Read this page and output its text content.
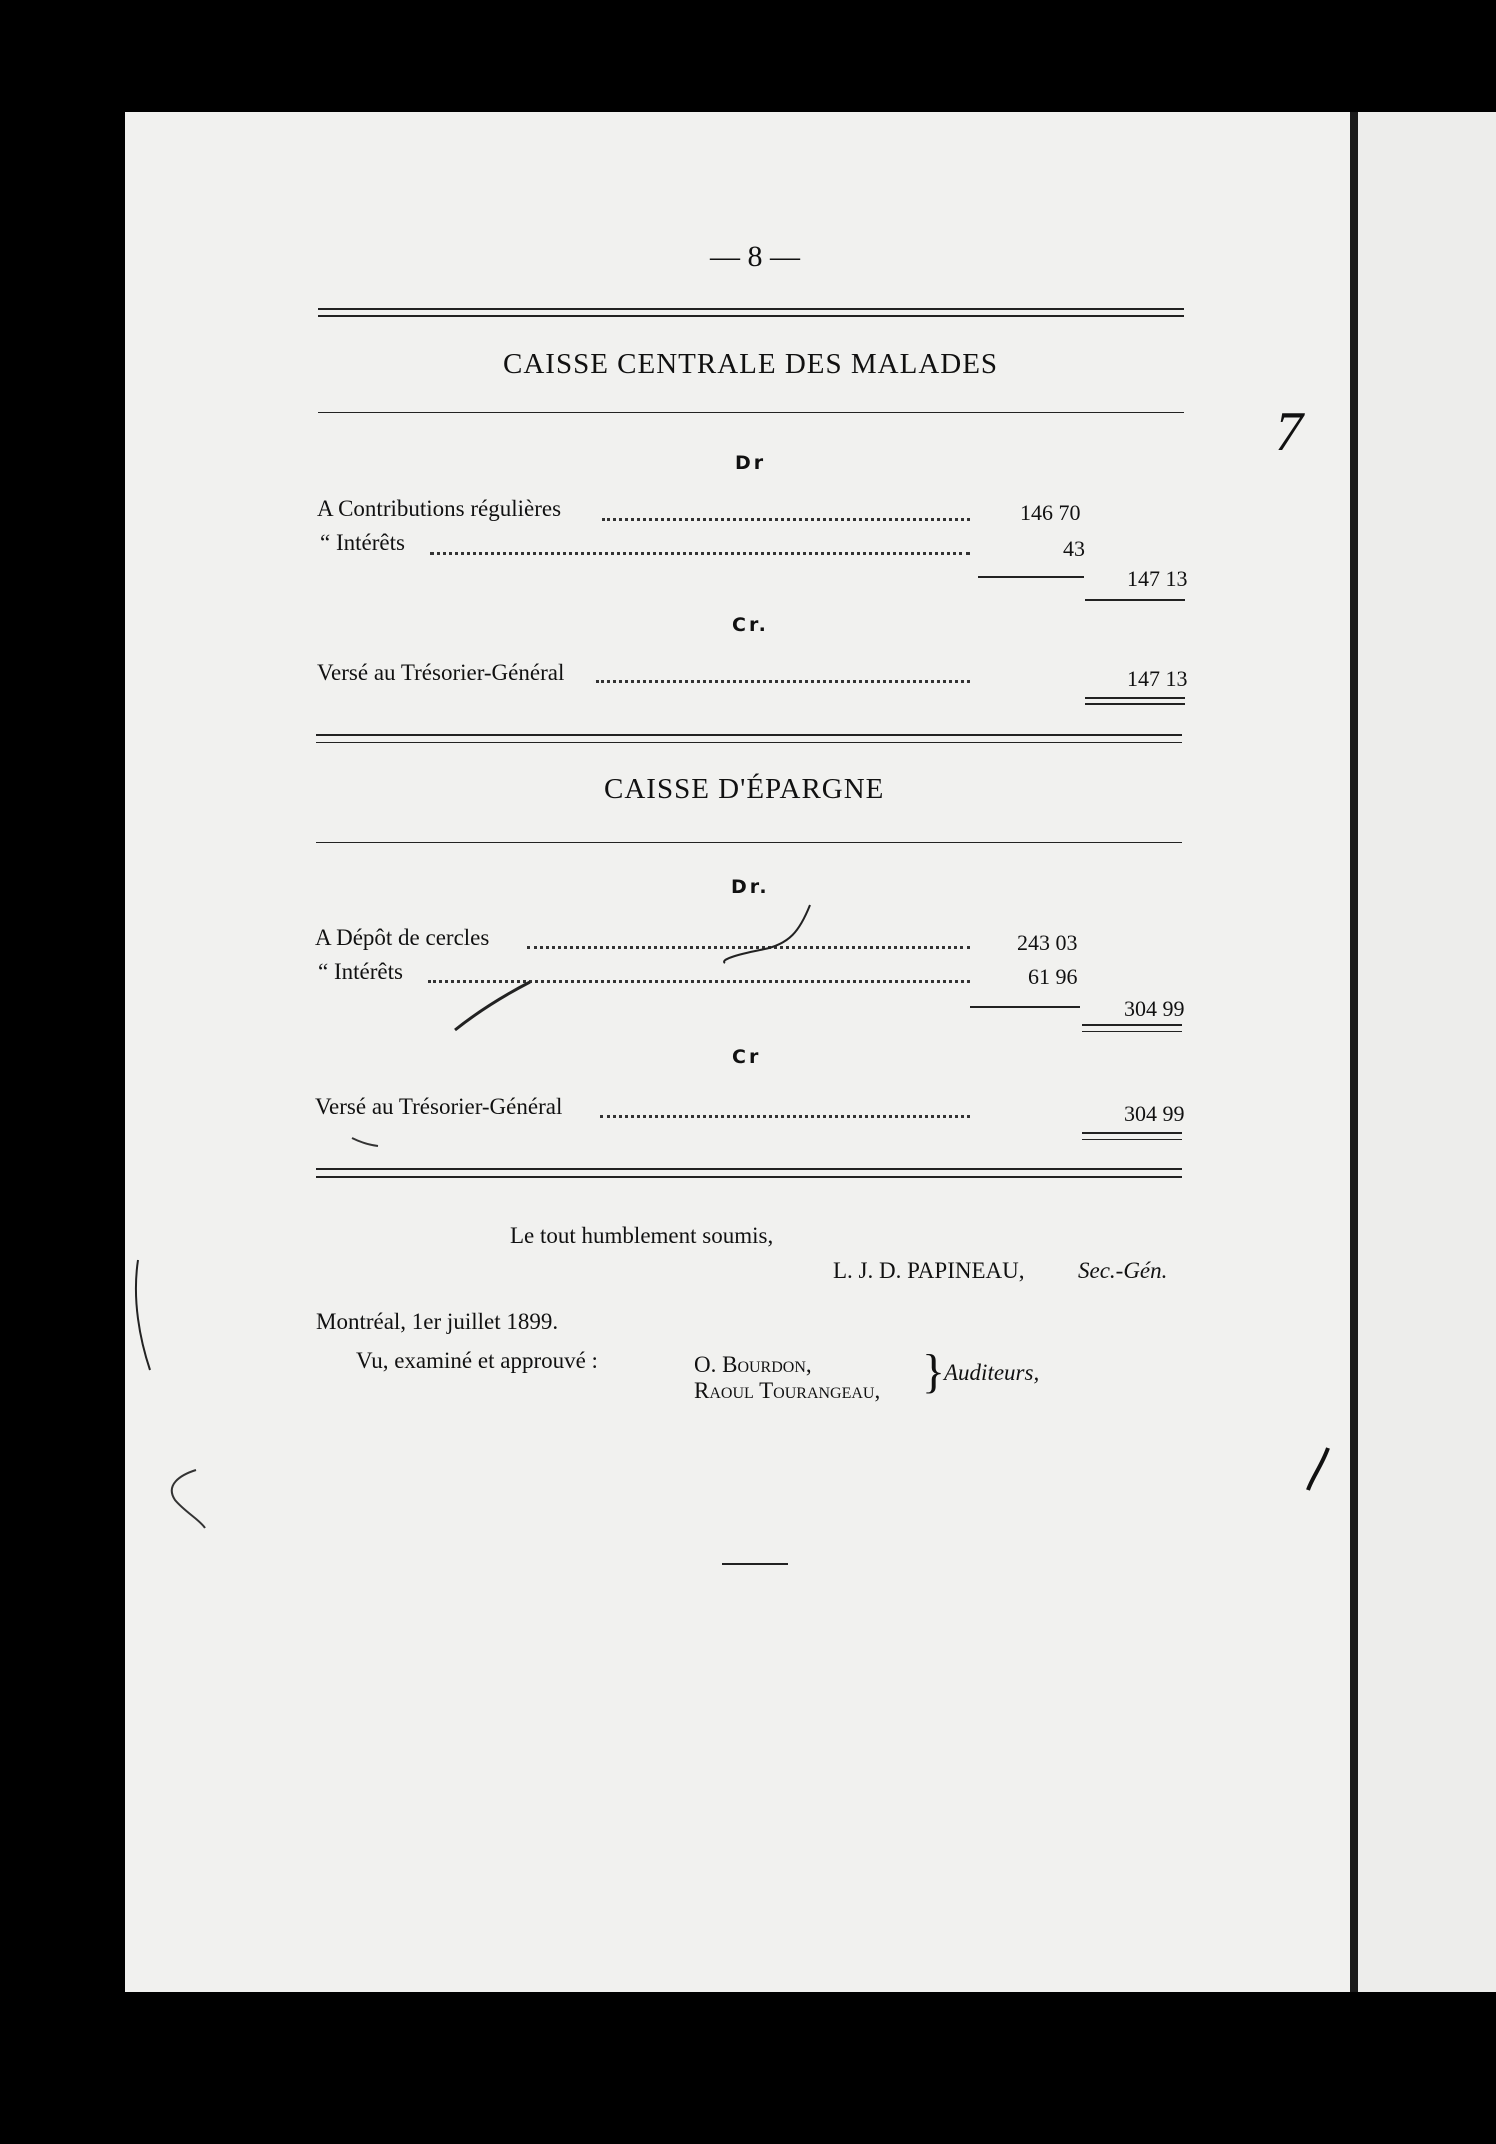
— 8 —
CAISSE CENTRALE DES MALADES
Dr
A Contributions régulières	146 70
“ Intérêts	43
147 13
Cr.
Versé au Trésorier-Général	147 13
CAISSE D'ÉPARGNE
Dr.
A Dépôt de cercles	243 03
“ Intérêts	61 96
304 99
Cr
Versé au Trésorier-Général	304 99
Le tout humblement soumis,
L. J. D. PAPINEAU, Sec.-Gén.
Montréal, 1er juillet 1899.
Vu, examiné et approuvé :	O. Bourdon,
Raoul Tourangeau, }
Auditeurs,
7
